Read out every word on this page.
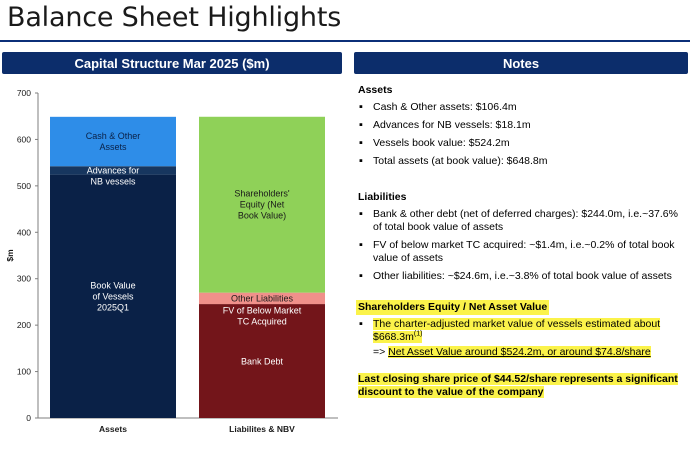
Balance Sheet Highlights
Capital Structure Mar 2025 ($m)	Notes
0
100
200
300
400
500
600
700
$m
Book Value
of Vessels
2025Q1
Advances for
NB vessels
Cash & Other
Assets
Assets
Bank Debt
FV of Below Market
TC Acquired
Other Liabilities
Shareholders'
Equity (Net
Book Value)
Liabilites & NBV
Assets
▪ Cash & Other assets: $106.4m
▪ Advances for NB vessels: $18.1m
▪ Vessels book value: $524.2m
▪ Total assets (at book value): $648.8m
Liabilities
▪ Bank & other debt (net of deferred charges): $244.0m, i.e.~37.6% of total book value of assets
▪ FV of below market TC acquired: ~$1.4m, i.e.~0.2% of total book value of assets
▪ Other liabilities: ~$24.6m, i.e.~3.8% of total book value of assets
Shareholders Equity / Net Asset Value
▪ The charter-adjusted market value of vessels estimated about $\$668.3m^{(1)}$
=> Net Asset Value around $524.2m, or around $74.8/share
Last closing share price of $44.52/share represents a significant discount to the value of the company
